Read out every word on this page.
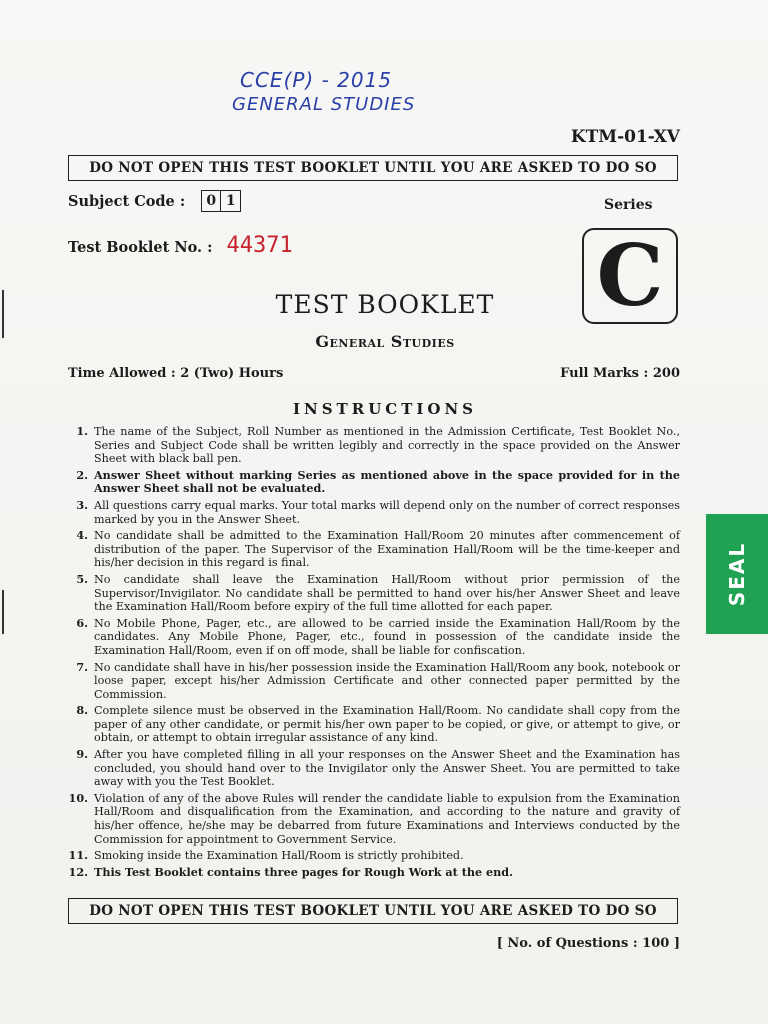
CCE(P) - 2015
GENERAL STUDIES
KTM-01-XV
DO NOT OPEN THIS TEST BOOKLET UNTIL YOU ARE ASKED TO DO SO
Subject Code :	0 1	Series
C
Test Booklet No. : 44371
TEST BOOKLET
General Studies
Time Allowed : 2 (Two) Hours	Full Marks : 200
INSTRUCTIONS
1. The name of the Subject, Roll Number as mentioned in the Admission Certificate, Test Booklet No., Series and Subject Code shall be written legibly and correctly in the space provided on the Answer Sheet with black ball pen.
2. Answer Sheet without marking Series as mentioned above in the space provided for in the Answer Sheet shall not be evaluated.
3. All questions carry equal marks. Your total marks will depend only on the number of correct responses marked by you in the Answer Sheet.
4. No candidate shall be admitted to the Examination Hall/Room 20 minutes after commencement of distribution of the paper. The Supervisor of the Examination Hall/Room will be the time-keeper and his/her decision in this regard is final.
5. No candidate shall leave the Examination Hall/Room without prior permission of the Supervisor/Invigilator. No candidate shall be permitted to hand over his/her Answer Sheet and leave the Examination Hall/Room before expiry of the full time allotted for each paper.
6. No Mobile Phone, Pager, etc., are allowed to be carried inside the Examination Hall/Room by the candidates. Any Mobile Phone, Pager, etc., found in possession of the candidate inside the Examination Hall/Room, even if on off mode, shall be liable for confiscation.
7. No candidate shall have in his/her possession inside the Examination Hall/Room any book, notebook or loose paper, except his/her Admission Certificate and other connected paper permitted by the Commission.
8. Complete silence must be observed in the Examination Hall/Room. No candidate shall copy from the paper of any other candidate, or permit his/her own paper to be copied, or give, or attempt to give, or obtain, or attempt to obtain irregular assistance of any kind.
9. After you have completed filling in all your responses on the Answer Sheet and the Examination has concluded, you should hand over to the Invigilator only the Answer Sheet. You are permitted to take away with you the Test Booklet.
10. Violation of any of the above Rules will render the candidate liable to expulsion from the Examination Hall/Room and disqualification from the Examination, and according to the nature and gravity of his/her offence, he/she may be debarred from future Examinations and Interviews conducted by the Commission for appointment to Government Service.
11. Smoking inside the Examination Hall/Room is strictly prohibited.
12. This Test Booklet contains three pages for Rough Work at the end.
DO NOT OPEN THIS TEST BOOKLET UNTIL YOU ARE ASKED TO DO SO
[ No. of Questions : 100 ]
SEAL
